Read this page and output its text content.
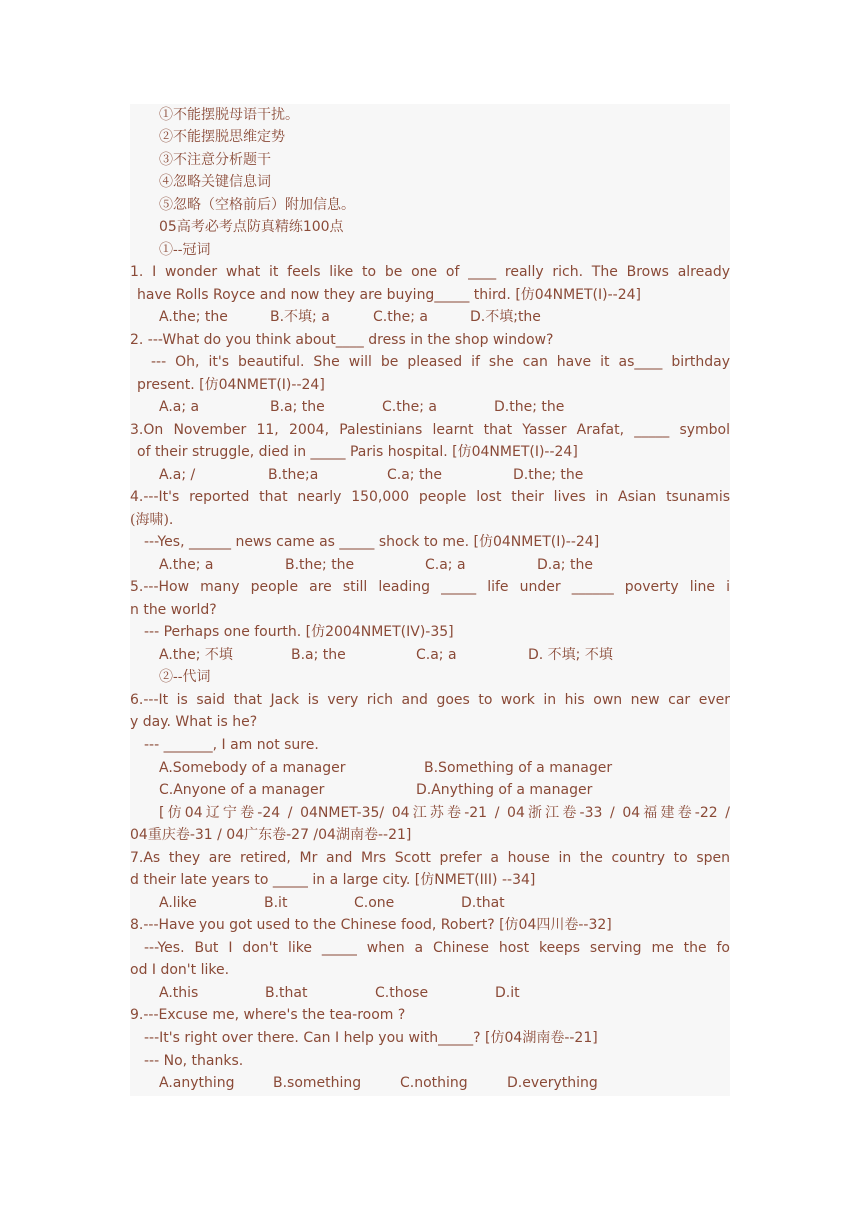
①不能摆脱母语干扰。
②不能摆脱思维定势
③不注意分析题干
④忽略关键信息词
⑤忽略（空格前后）附加信息。
05高考必考点防真精练100点
①--冠词
1. I wonder what it feels like to be one of ____ really rich. The Brows already
have Rolls Royce and now they are buying_____ third. [仿04NMET(I)--24]
A.the; the	B.不填; a	C.the; a	D.不填;the
2. ---What do you think about____ dress in the shop window?
--- Oh, it's beautiful. She will be pleased if she can have it as____ birthday
present. [仿04NMET(I)--24]
A.a; a	B.a; the	C.the; a	D.the; the
3.On November 11, 2004, Palestinians learnt that Yasser Arafat, _____ symbol
of their struggle, died in _____ Paris hospital. [仿04NMET(I)--24]
A.a; /	B.the;a	C.a; the	D.the; the
4.---It's reported that nearly 150,000 people lost their lives in Asian tsunamis
(海啸).
---Yes, ______ news came as _____ shock to me. [仿04NMET(I)--24]
A.the; a	B.the; the	C.a; a	D.a; the
5.---How many people are still leading _____ life under ______ poverty line i
n the world?
--- Perhaps one fourth. [仿2004NMET(IV)-35]
A.the; 不填	B.a; the	C.a; a	D. 不填; 不填
②--代词
6.---It is said that Jack is very rich and goes to work in his own new car ever
y day. What is he?
--- _______, I am not sure.
A.Somebody of a manager	B.Something of a manager
C.Anyone of a manager	D.Anything of a manager
[仿04辽宁卷-24 / 04NMET-35/ 04江苏卷-21 / 04浙江卷-33 / 04福建卷-22 /
04重庆卷-31 / 04广东卷-27 /04湖南卷--21]
7.As they are retired, Mr and Mrs Scott prefer a house in the country to spen
d their late years to _____ in a large city. [仿NMET(III) --34]
A.like	B.it	C.one	D.that
8.---Have you got used to the Chinese food, Robert? [仿04四川卷--32]
---Yes. But I don't like _____ when a Chinese host keeps serving me the fo
od I don't like.
A.this	B.that	C.those	D.it
9.---Excuse me, where's the tea-room ?
---It's right over there. Can I help you with_____? [仿04湖南卷--21]
--- No, thanks.
A.anything	B.something	C.nothing	D.everything
